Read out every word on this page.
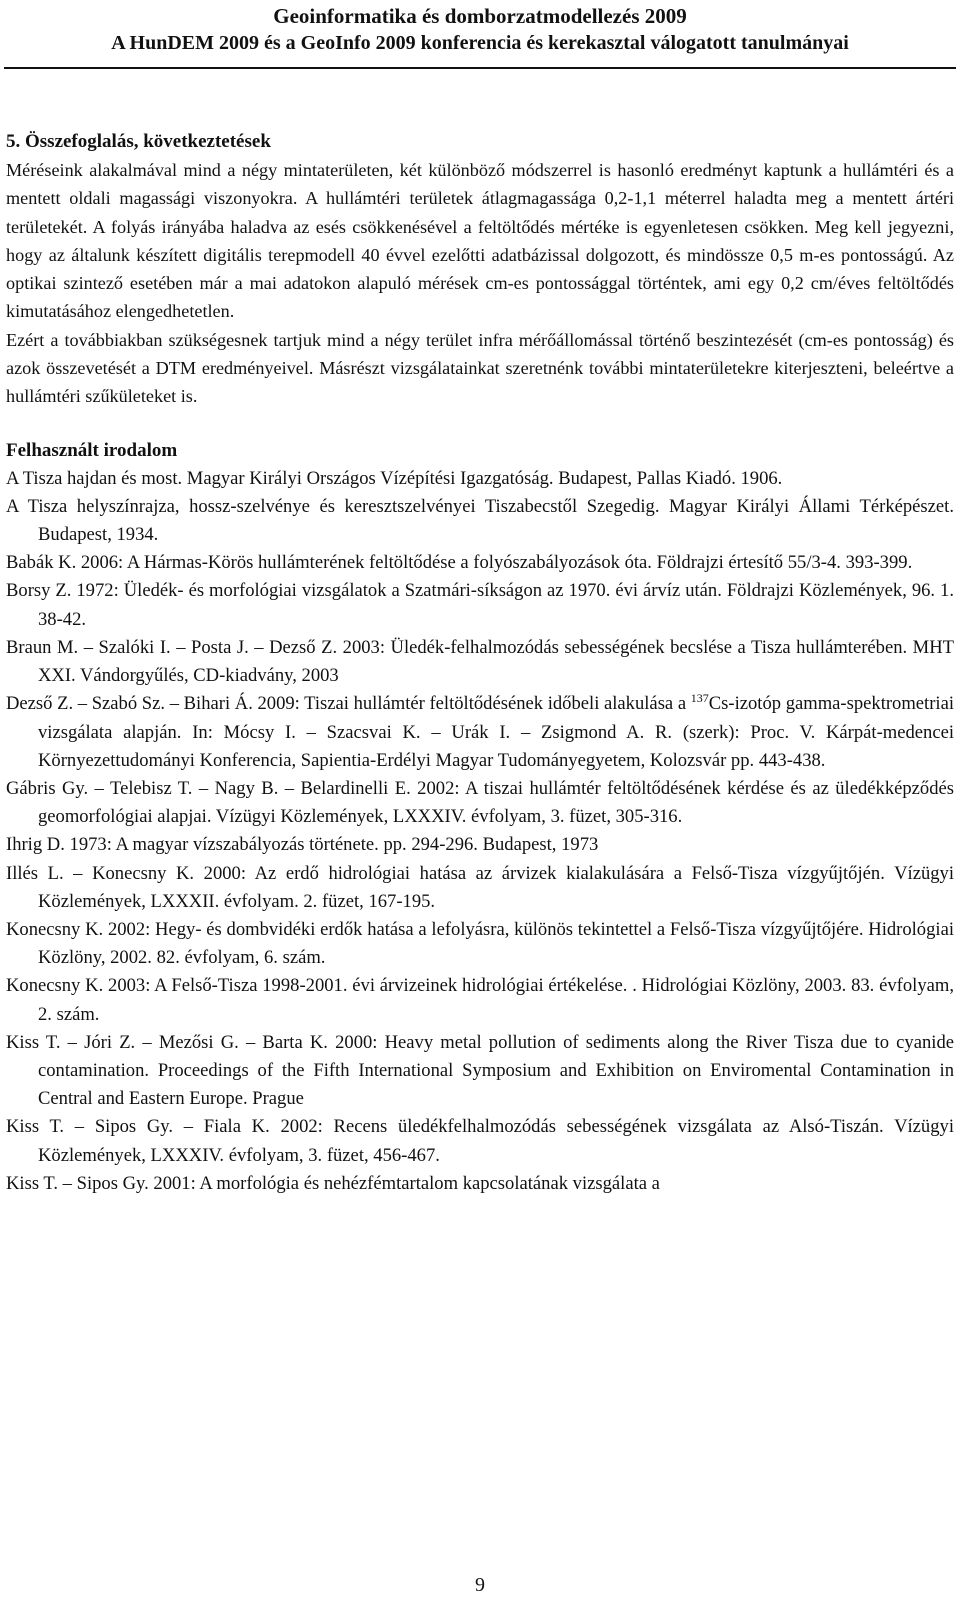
Geoinformatika és domborzatmodellezés 2009
A HunDEM 2009 és a GeoInfo 2009 konferencia és kerekasztal válogatott tanulmányai
5. Összefoglalás, következtetések

Méréseink alakalmával mind a négy mintaterületen, két különböző módszerrel is hasonló eredményt kaptunk a hullámtéri és a mentett oldali magassági viszonyokra. A hullámtéri területek átlagmagassága 0,2-1,1 méterrel haladta meg a mentett ártéri területekét. A folyás irányába haladva az esés csökkenésével a feltöltődés mértéke is egyenletesen csökken. Meg kell jegyezni, hogy az általunk készített digitális terepmodell 40 évvel ezelőtti adatbázissal dolgozott, és mindössze 0,5 m-es pontosságú. Az optikai szintező esetében már a mai adatokon alapuló mérések cm-es pontossággal történtek, ami egy 0,2 cm/éves feltöltődés kimutatásához elengedhetetlen.

Ezért a továbbiakban szükségesnek tartjuk mind a négy terület infra mérőállomással történő beszintezését (cm-es pontosság) és azok összevetését a DTM eredményeivel. Másrészt vizsgálatainkat szeretnénk további mintaterületekre kiterjeszteni, beleértve a hullámtéri szűkületeket is.

Felhasznált irodalom
A Tisza hajdan és most. Magyar Királyi Országos Vízépítési Igazgatóság. Budapest, Pallas Kiadó. 1906.
A Tisza helyszínrajza, hossz-szelvénye és keresztszelvényei Tiszabecstől Szegedig. Magyar Királyi Állami Térképészet. Budapest, 1934.
Babák K. 2006: A Hármas-Körös hullámterének feltöltődése a folyószabályozások óta. Földrajzi értesítő 55/3-4. 393-399.
Borsy Z. 1972: Üledék- és morfológiai vizsgálatok a Szatmári-síkságon az 1970. évi árvíz után. Földrajzi Közlemények, 96. 1. 38-42.
Braun M. – Szalóki I. – Posta J. – Dezső Z. 2003: Üledék-felhalmozódás sebességének becslése a Tisza hullámterében. MHT XXI. Vándorgyűlés, CD-kiadvány, 2003
Dezső Z. – Szabó Sz. – Bihari Á. 2009: Tiszai hullámtér feltöltődésének időbeli alakulása a $^{137}$Cs-izotóp gamma-spektrometriai vizsgálata alapján. In: Mócsy I. – Szacsvai K. – Urák I. – Zsigmond A. R. (szerk): Proc. V. Kárpát-medencei Környezettudományi Konferencia, Sapientia-Erdélyi Magyar Tudományegyetem, Kolozsvár pp. 443-438.
Gábris Gy. – Telebisz T. – Nagy B. – Belardinelli E. 2002: A tiszai hullámtér feltöltődésének kérdése és az üledékképződés geomorfológiai alapjai. Vízügyi Közlemények, LXXXIV. évfolyam, 3. füzet, 305-316.
Ihrig D. 1973: A magyar vízszabályozás története. pp. 294-296. Budapest, 1973
Illés L. – Konecsny K. 2000: Az erdő hidrológiai hatása az árvizek kialakulására a Felső-Tisza vízgyűjtőjén. Vízügyi Közlemények, LXXXII. évfolyam. 2. füzet, 167-195.
Konecsny K. 2002: Hegy- és dombvidéki erdők hatása a lefolyásra, különös tekintettel a Felső-Tisza vízgyűjtőjére. Hidrológiai Közlöny, 2002. 82. évfolyam, 6. szám.
Konecsny K. 2003: A Felső-Tisza 1998-2001. évi árvizeinek hidrológiai értékelése. . Hidrológiai Közlöny, 2003. 83. évfolyam, 2. szám.
Kiss T. – Jóri Z. – Mezősi G. – Barta K. 2000: Heavy metal pollution of sediments along the River Tisza due to cyanide contamination. Proceedings of the Fifth International Symposium and Exhibition on Enviromental Contamination in Central and Eastern Europe. Prague
Kiss T. – Sipos Gy. – Fiala K. 2002: Recens üledékfelhalmozódás sebességének vizsgálata az Alsó-Tiszán. Vízügyi Közlemények, LXXXIV. évfolyam, 3. füzet, 456-467.
Kiss T. – Sipos Gy. 2001: A morfológia és nehézfémtartalom kapcsolatának vizsgálata a
9
